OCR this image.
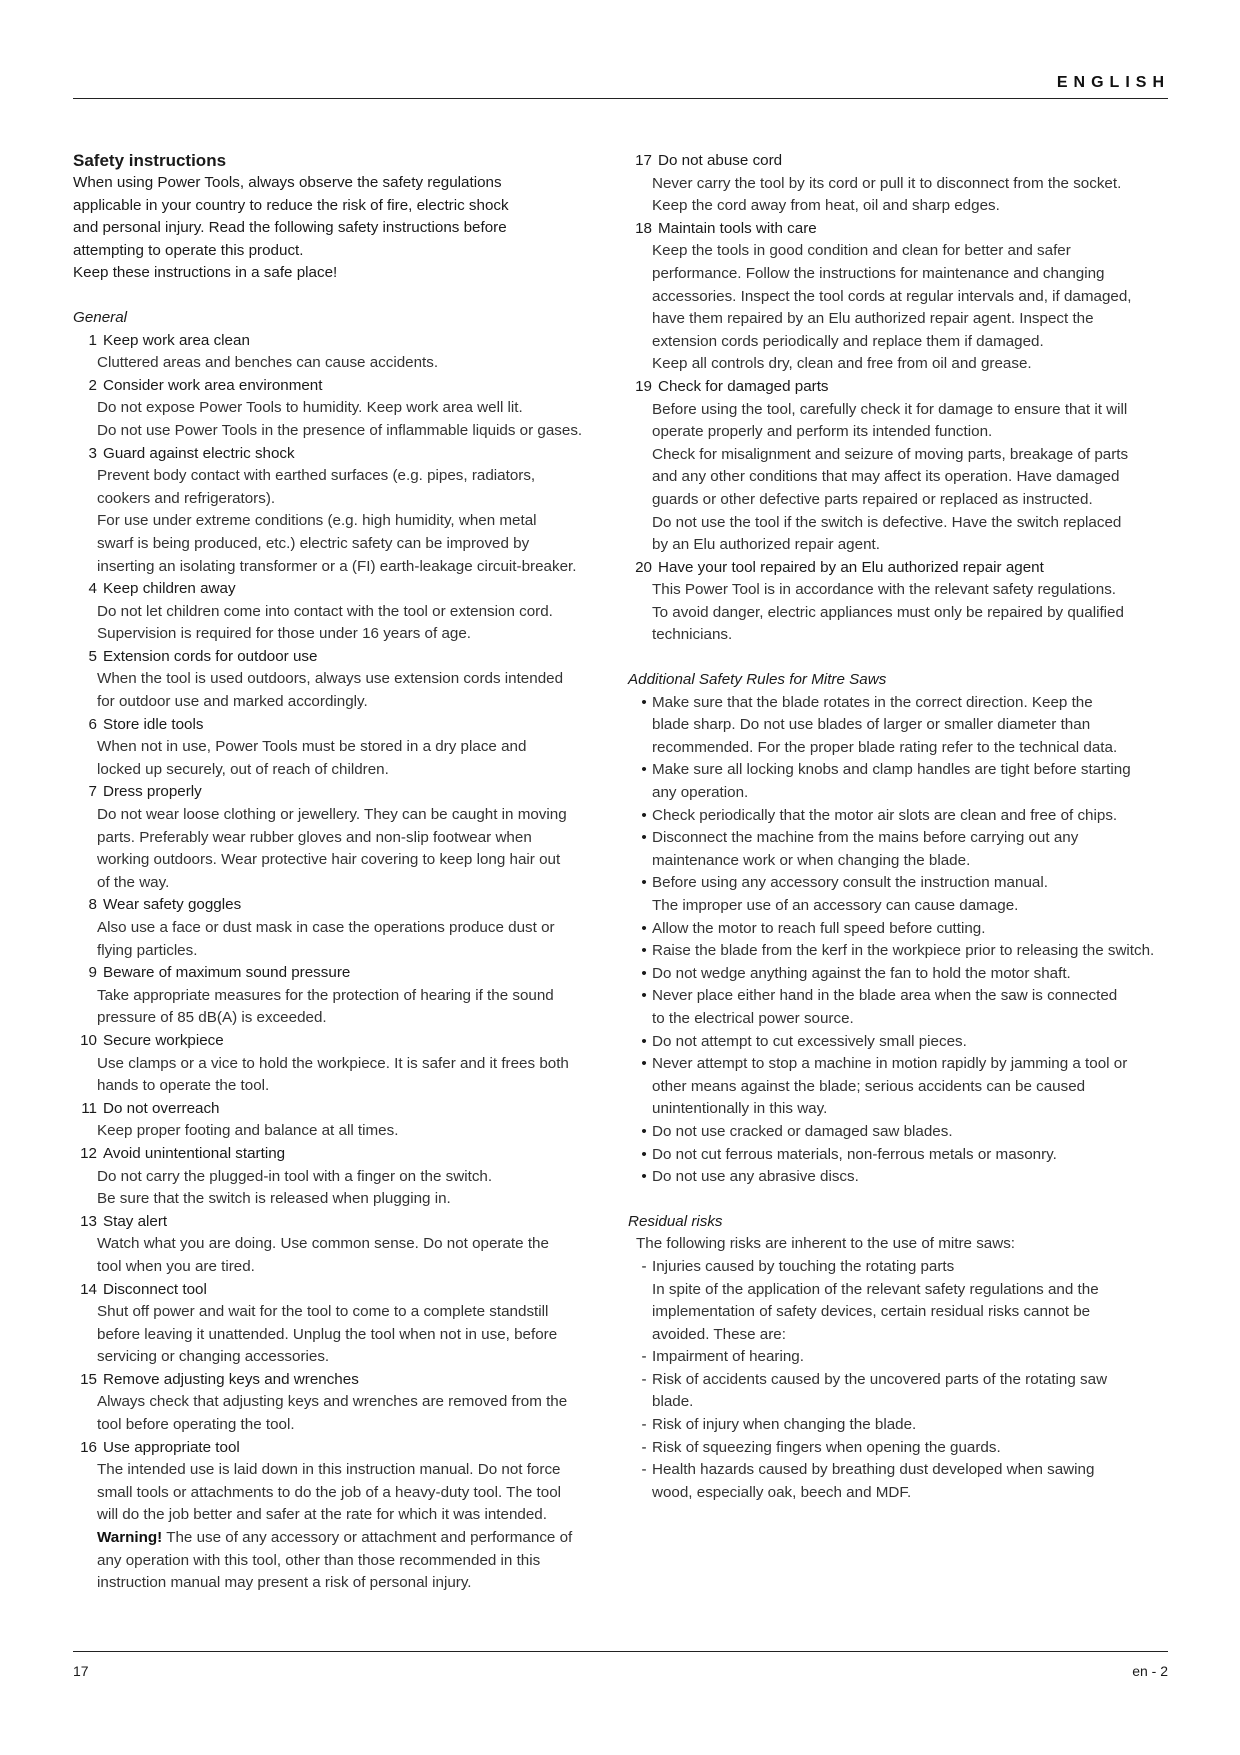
ENGLISH
Safety instructions
When using Power Tools, always observe the safety regulations
applicable in your country to reduce the risk of fire, electric shock
and personal injury. Read the following safety instructions before
attempting to operate this product.
Keep these instructions in a safe place!
General
1 Keep work area clean
Cluttered areas and benches can cause accidents.
2 Consider work area environment
Do not expose Power Tools to humidity. Keep work area well lit.
Do not use Power Tools in the presence of inflammable liquids or gases.
3 Guard against electric shock
Prevent body contact with earthed surfaces (e.g. pipes, radiators,
cookers and refrigerators).
For use under extreme conditions (e.g. high humidity, when metal
swarf is being produced, etc.) electric safety can be improved by
inserting an isolating transformer or a (FI) earth-leakage circuit-breaker.
4 Keep children away
Do not let children come into contact with the tool or extension cord.
Supervision is required for those under 16 years of age.
5 Extension cords for outdoor use
When the tool is used outdoors, always use extension cords intended
for outdoor use and marked accordingly.
6 Store idle tools
When not in use, Power Tools must be stored in a dry place and
locked up securely, out of reach of children.
7 Dress properly
Do not wear loose clothing or jewellery. They can be caught in moving
parts. Preferably wear rubber gloves and non-slip footwear when
working outdoors. Wear protective hair covering to keep long hair out
of the way.
8 Wear safety goggles
Also use a face or dust mask in case the operations produce dust or
flying particles.
9 Beware of maximum sound pressure
Take appropriate measures for the protection of hearing if the sound
pressure of 85 dB(A) is exceeded.
10 Secure workpiece
Use clamps or a vice to hold the workpiece. It is safer and it frees both
hands to operate the tool.
11 Do not overreach
Keep proper footing and balance at all times.
12 Avoid unintentional starting
Do not carry the plugged-in tool with a finger on the switch.
Be sure that the switch is released when plugging in.
13 Stay alert
Watch what you are doing. Use common sense. Do not operate the
tool when you are tired.
14 Disconnect tool
Shut off power and wait for the tool to come to a complete standstill
before leaving it unattended. Unplug the tool when not in use, before
servicing or changing accessories.
15 Remove adjusting keys and wrenches
Always check that adjusting keys and wrenches are removed from the
tool before operating the tool.
16 Use appropriate tool
The intended use is laid down in this instruction manual. Do not force
small tools or attachments to do the job of a heavy-duty tool. The tool
will do the job better and safer at the rate for which it was intended.
Warning! The use of any accessory or attachment and performance of
any operation with this tool, other than those recommended in this
instruction manual may present a risk of personal injury.
17 Do not abuse cord
Never carry the tool by its cord or pull it to disconnect from the socket.
Keep the cord away from heat, oil and sharp edges.
18 Maintain tools with care
Keep the tools in good condition and clean for better and safer
performance. Follow the instructions for maintenance and changing
accessories. Inspect the tool cords at regular intervals and, if damaged,
have them repaired by an Elu authorized repair agent. Inspect the
extension cords periodically and replace them if damaged.
Keep all controls dry, clean and free from oil and grease.
19 Check for damaged parts
Before using the tool, carefully check it for damage to ensure that it will
operate properly and perform its intended function.
Check for misalignment and seizure of moving parts, breakage of parts
and any other conditions that may affect its operation. Have damaged
guards or other defective parts repaired or replaced as instructed.
Do not use the tool if the switch is defective. Have the switch replaced
by an Elu authorized repair agent.
20 Have your tool repaired by an Elu authorized repair agent
This Power Tool is in accordance with the relevant safety regulations.
To avoid danger, electric appliances must only be repaired by qualified
technicians.
Additional Safety Rules for Mitre Saws
• Make sure that the blade rotates in the correct direction. Keep the
blade sharp. Do not use blades of larger or smaller diameter than
recommended. For the proper blade rating refer to the technical data.
• Make sure all locking knobs and clamp handles are tight before starting
any operation.
• Check periodically that the motor air slots are clean and free of chips.
• Disconnect the machine from the mains before carrying out any
maintenance work or when changing the blade.
• Before using any accessory consult the instruction manual.
The improper use of an accessory can cause damage.
• Allow the motor to reach full speed before cutting.
• Raise the blade from the kerf in the workpiece prior to releasing the switch.
• Do not wedge anything against the fan to hold the motor shaft.
• Never place either hand in the blade area when the saw is connected
to the electrical power source.
• Do not attempt to cut excessively small pieces.
• Never attempt to stop a machine in motion rapidly by jamming a tool or
other means against the blade; serious accidents can be caused
unintentionally in this way.
• Do not use cracked or damaged saw blades.
• Do not cut ferrous materials, non-ferrous metals or masonry.
• Do not use any abrasive discs.
Residual risks
The following risks are inherent to the use of mitre saws:
- Injuries caused by touching the rotating parts
In spite of the application of the relevant safety regulations and the
implementation of safety devices, certain residual risks cannot be
avoided. These are:
- Impairment of hearing.
- Risk of accidents caused by the uncovered parts of the rotating saw
blade.
- Risk of injury when changing the blade.
- Risk of squeezing fingers when opening the guards.
- Health hazards caused by breathing dust developed when sawing
wood, especially oak, beech and MDF.
17	en - 2
